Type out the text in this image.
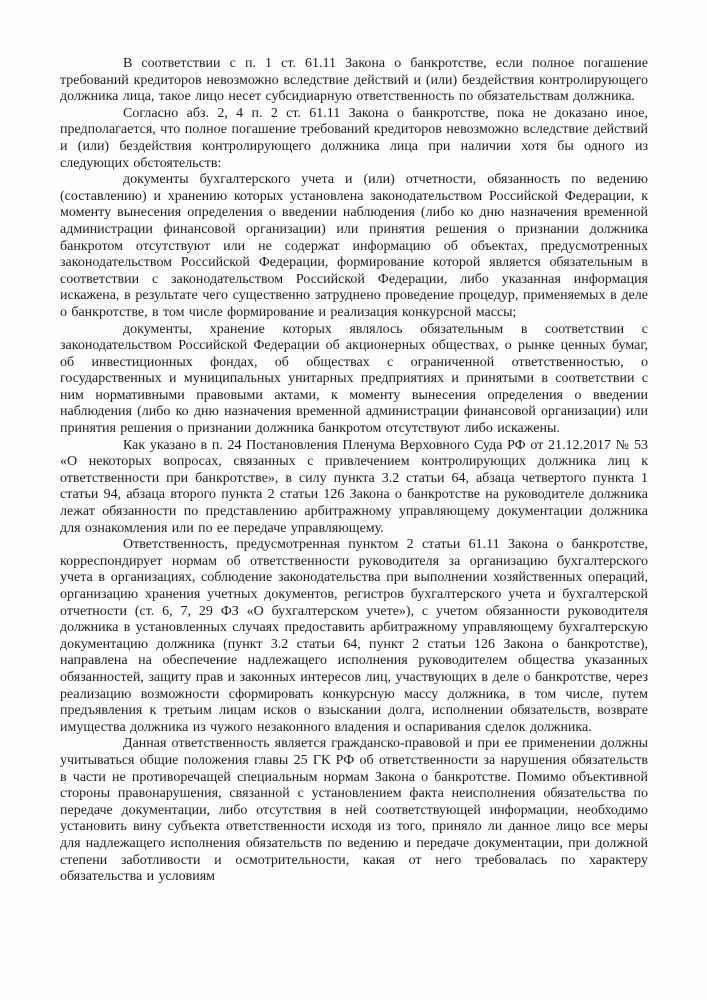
В соответствии с п. 1 ст. 61.11 Закона о банкротстве, если полное погашение требований кредиторов невозможно вследствие действий и (или) бездействия контролирующего должника лица, такое лицо несет субсидиарную ответственность по обязательствам должника.

Согласно абз. 2, 4 п. 2 ст. 61.11 Закона о банкротстве, пока не доказано иное, предполагается, что полное погашение требований кредиторов невозможно вследствие действий и (или) бездействия контролирующего должника лица при наличии хотя бы одного из следующих обстоятельств:

документы бухгалтерского учета и (или) отчетности, обязанность по ведению (составлению) и хранению которых установлена законодательством Российской Федерации, к моменту вынесения определения о введении наблюдения (либо ко дню назначения временной администрации финансовой организации) или принятия решения о признании должника банкротом отсутствуют или не содержат информацию об объектах, предусмотренных законодательством Российской Федерации, формирование которой является обязательным в соответствии с законодательством Российской Федерации, либо указанная информация искажена, в результате чего существенно затруднено проведение процедур, применяемых в деле о банкротстве, в том числе формирование и реализация конкурсной массы;

документы, хранение которых являлось обязательным в соответствии с законодательством Российской Федерации об акционерных обществах, о рынке ценных бумаг, об инвестиционных фондах, об обществах с ограниченной ответственностью, о государственных и муниципальных унитарных предприятиях и принятыми в соответствии с ним нормативными правовыми актами, к моменту вынесения определения о введении наблюдения (либо ко дню назначения временной администрации финансовой организации) или принятия решения о признании должника банкротом отсутствуют либо искажены.

Как указано в п. 24 Постановления Пленума Верховного Суда РФ от 21.12.2017 № 53 «О некоторых вопросах, связанных с привлечением контролирующих должника лиц к ответственности при банкротстве», в силу пункта 3.2 статьи 64, абзаца четвертого пункта 1 статьи 94, абзаца второго пункта 2 статьи 126 Закона о банкротстве на руководителе должника лежат обязанности по представлению арбитражному управляющему документации должника для ознакомления или по ее передаче управляющему.

Ответственность, предусмотренная пунктом 2 статьи 61.11 Закона о банкротстве, корреспондирует нормам об ответственности руководителя за организацию бухгалтерского учета в организациях, соблюдение законодательства при выполнении хозяйственных операций, организацию хранения учетных документов, регистров бухгалтерского учета и бухгалтерской отчетности (ст. 6, 7, 29 ФЗ «О бухгалтерском учете»), с учетом обязанности руководителя должника в установленных случаях предоставить арбитражному управляющему бухгалтерскую документацию должника (пункт 3.2 статьи 64, пункт 2 статьи 126 Закона о банкротстве), направлена на обеспечение надлежащего исполнения руководителем общества указанных обязанностей, защиту прав и законных интересов лиц, участвующих в деле о банкротстве, через реализацию возможности сформировать конкурсную массу должника, в том числе, путем предъявления к третьим лицам исков о взыскании долга, исполнении обязательств, возврате имущества должника из чужого незаконного владения и оспаривания сделок должника.

Данная ответственность является гражданско-правовой и при ее применении должны учитываться общие положения главы 25 ГК РФ об ответственности за нарушения обязательств в части не противоречащей специальным нормам Закона о банкротстве. Помимо объективной стороны правонарушения, связанной с установлением факта неисполнения обязательства по передаче документации, либо отсутствия в ней соответствующей информации, необходимо установить вину субъекта ответственности исходя из того, приняло ли данное лицо все меры для надлежащего исполнения обязательств по ведению и передаче документации, при должной степени заботливости и осмотрительности, какая от него требовалась по характеру обязательства и условиям
